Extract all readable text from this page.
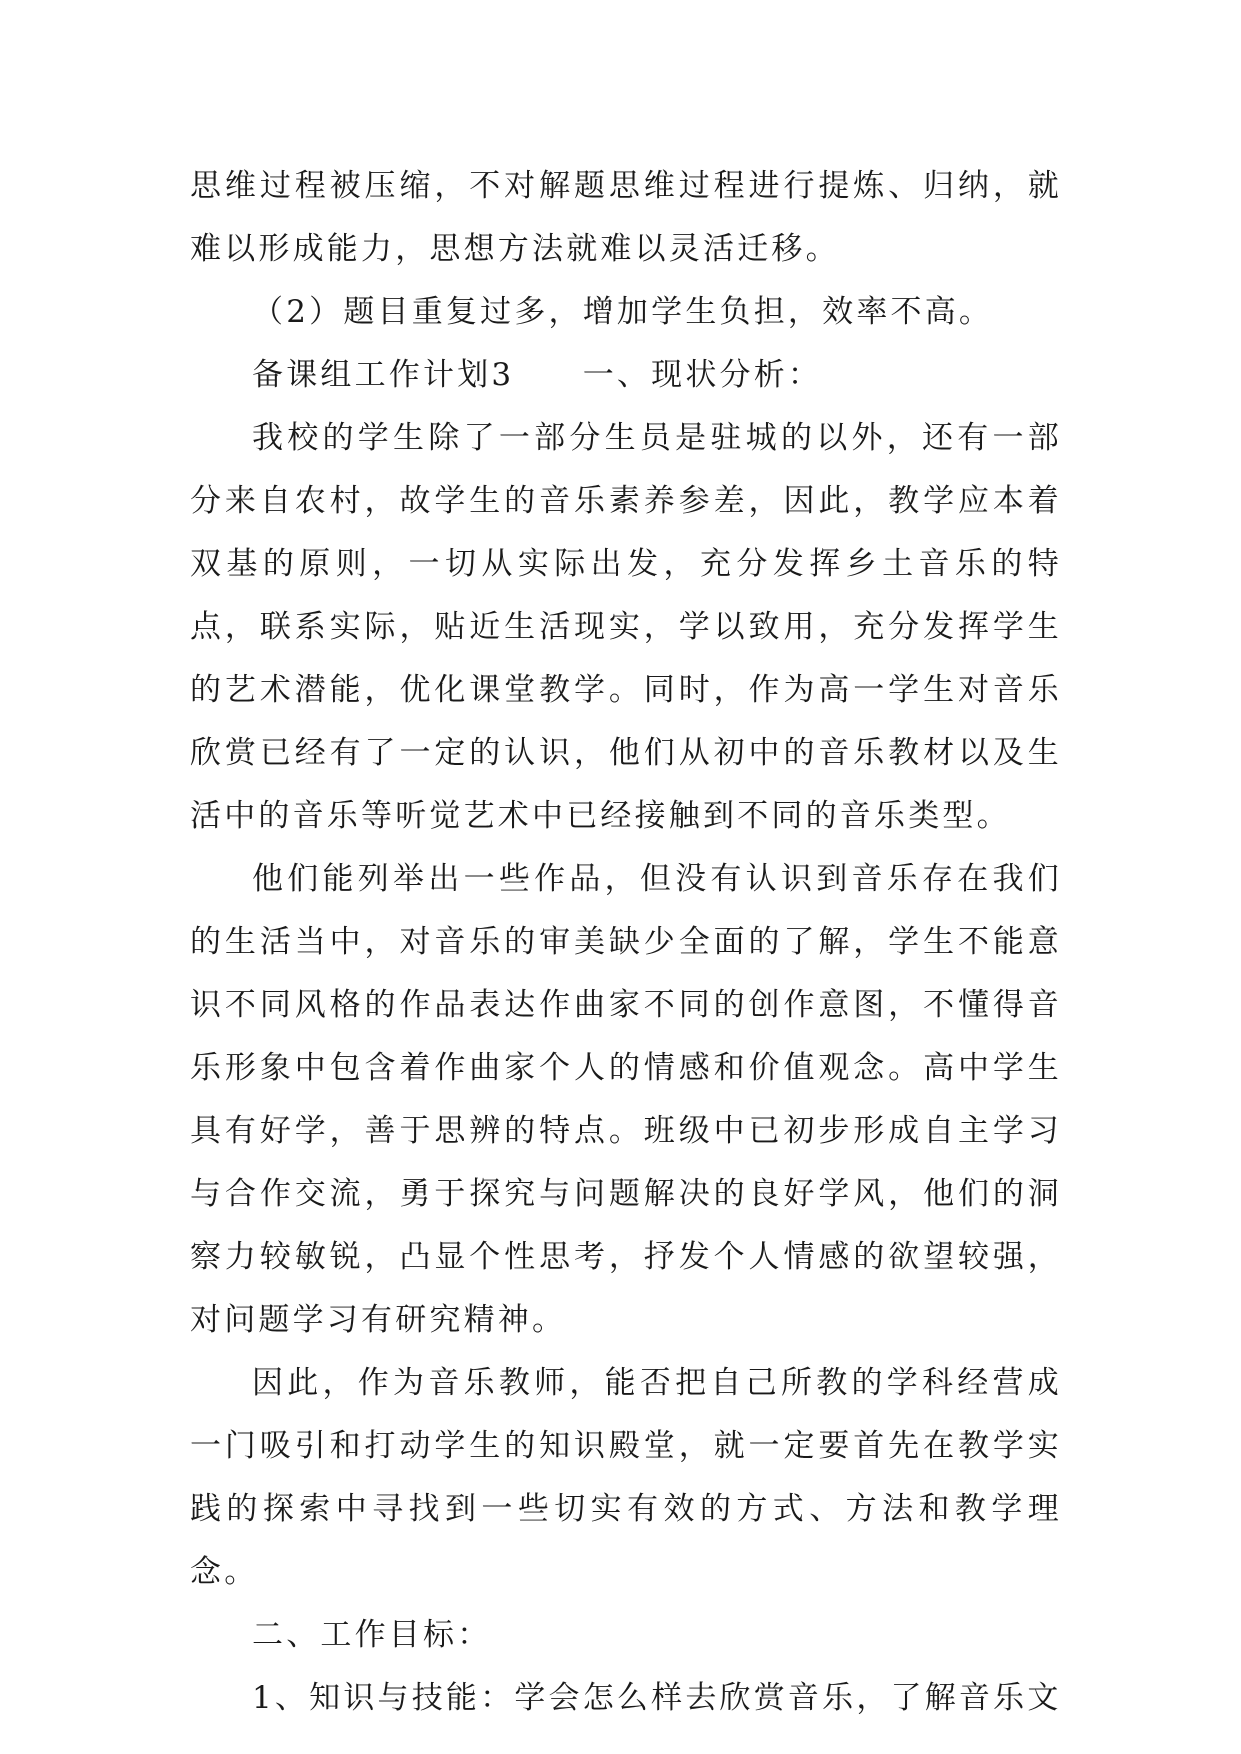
思维过程被压缩，不对解题思维过程进行提炼、归纳，就难以形成能力，思想方法就难以灵活迁移。

（2）题目重复过多，增加学生负担，效率不高。

备课组工作计划3　　一、现状分析：

我校的学生除了一部分生员是驻城的以外，还有一部分来自农村，故学生的音乐素养参差，因此，教学应本着双基的原则，一切从实际出发，充分发挥乡土音乐的特点，联系实际，贴近生活现实，学以致用，充分发挥学生的艺术潜能，优化课堂教学。同时，作为高一学生对音乐欣赏已经有了一定的认识，他们从初中的音乐教材以及生活中的音乐等听觉艺术中已经接触到不同的音乐类型。

他们能列举出一些作品，但没有认识到音乐存在我们的生活当中，对音乐的审美缺少全面的了解，学生不能意识不同风格的作品表达作曲家不同的创作意图，不懂得音乐形象中包含着作曲家个人的情感和价值观念。高中学生具有好学，善于思辨的特点。班级中已初步形成自主学习与合作交流，勇于探究与问题解决的良好学风，他们的洞察力较敏锐，凸显个性思考，抒发个人情感的欲望较强，对问题学习有研究精神。

因此，作为音乐教师，能否把自己所教的学科经营成一门吸引和打动学生的知识殿堂，就一定要首先在教学实践的探索中寻找到一些切实有效的方式、方法和教学理念。

二、工作目标：

1、知识与技能：学会怎么样去欣赏音乐，了解音乐文
